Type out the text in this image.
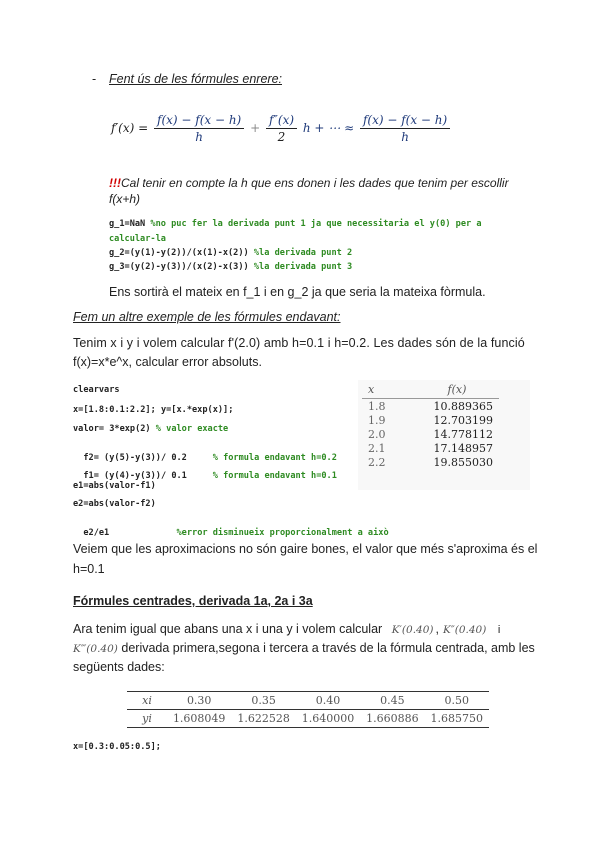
- Fent ús de les fórmules enrere:
$f'(x) = \frac{f(x) - f(x - h)}{h} + \frac{f''(x)}{2}$ h + ⋯ ≈ $\frac{f(x) - f(x - h)}{h}$
!!!Cal tenir en compte la h que ens donen i les dades que tenim per escollir
f(x+h)
g_1=NaN %no puc fer la derivada punt 1 ja que necessitaria el y(0) per a
calcular-la
g_2=(y(1)-y(2))/(x(1)-x(2)) %la derivada punt 2
g_3=(y(2)-y(3))/(x(2)-x(3)) %la derivada punt 3
Ens sortirà el mateix en f_1 i en g_2 ja que seria la mateixa fòrmula.
Fem un altre exemple de les fórmules endavant:
Tenim x i y i volem calcular f'(2.0) amb h=0.1 i h=0.2. Les dades són de la funció
f(x)=x*e^x, calcular error absoluts.
clearvars
x=[1.8:0.1:2.2]; y=[x.*exp(x)];
valor= 3*exp(2) % valor exacte

f2= (y(5)-y(3))/ 0.2     % formula endavant h=0.2

f1= (y(4)-y(3))/ 0.1     % formula endavant h=0.1

e1=abs(valor-f1)
e2=abs(valor-f2)

e2/e1             %error disminueix proporcionalment a això

x	f(x)
1.8	10.889365
1.9	12.703199
2.0	14.778112
2.1	17.148957
2.2	19.855030
Veiem que les aproximacions no són gaire bones, el valor que més s'aproxima és el
h=0.1
Fórmules centrades, derivada 1a, 2a i 3a
Ara tenim igual que abans una x i una y i volem calcular K′(0.40) , K″(0.40) i
K‴(0.40) derivada primera,segona i tercera a través de la fórmula centrada, amb les
següents dades:
xi	0.30	0.35	0.40	0.45	0.50
yi	1.608049	1.622528	1.640000	1.660886	1.685750
x=[0.3:0.05:0.5];
